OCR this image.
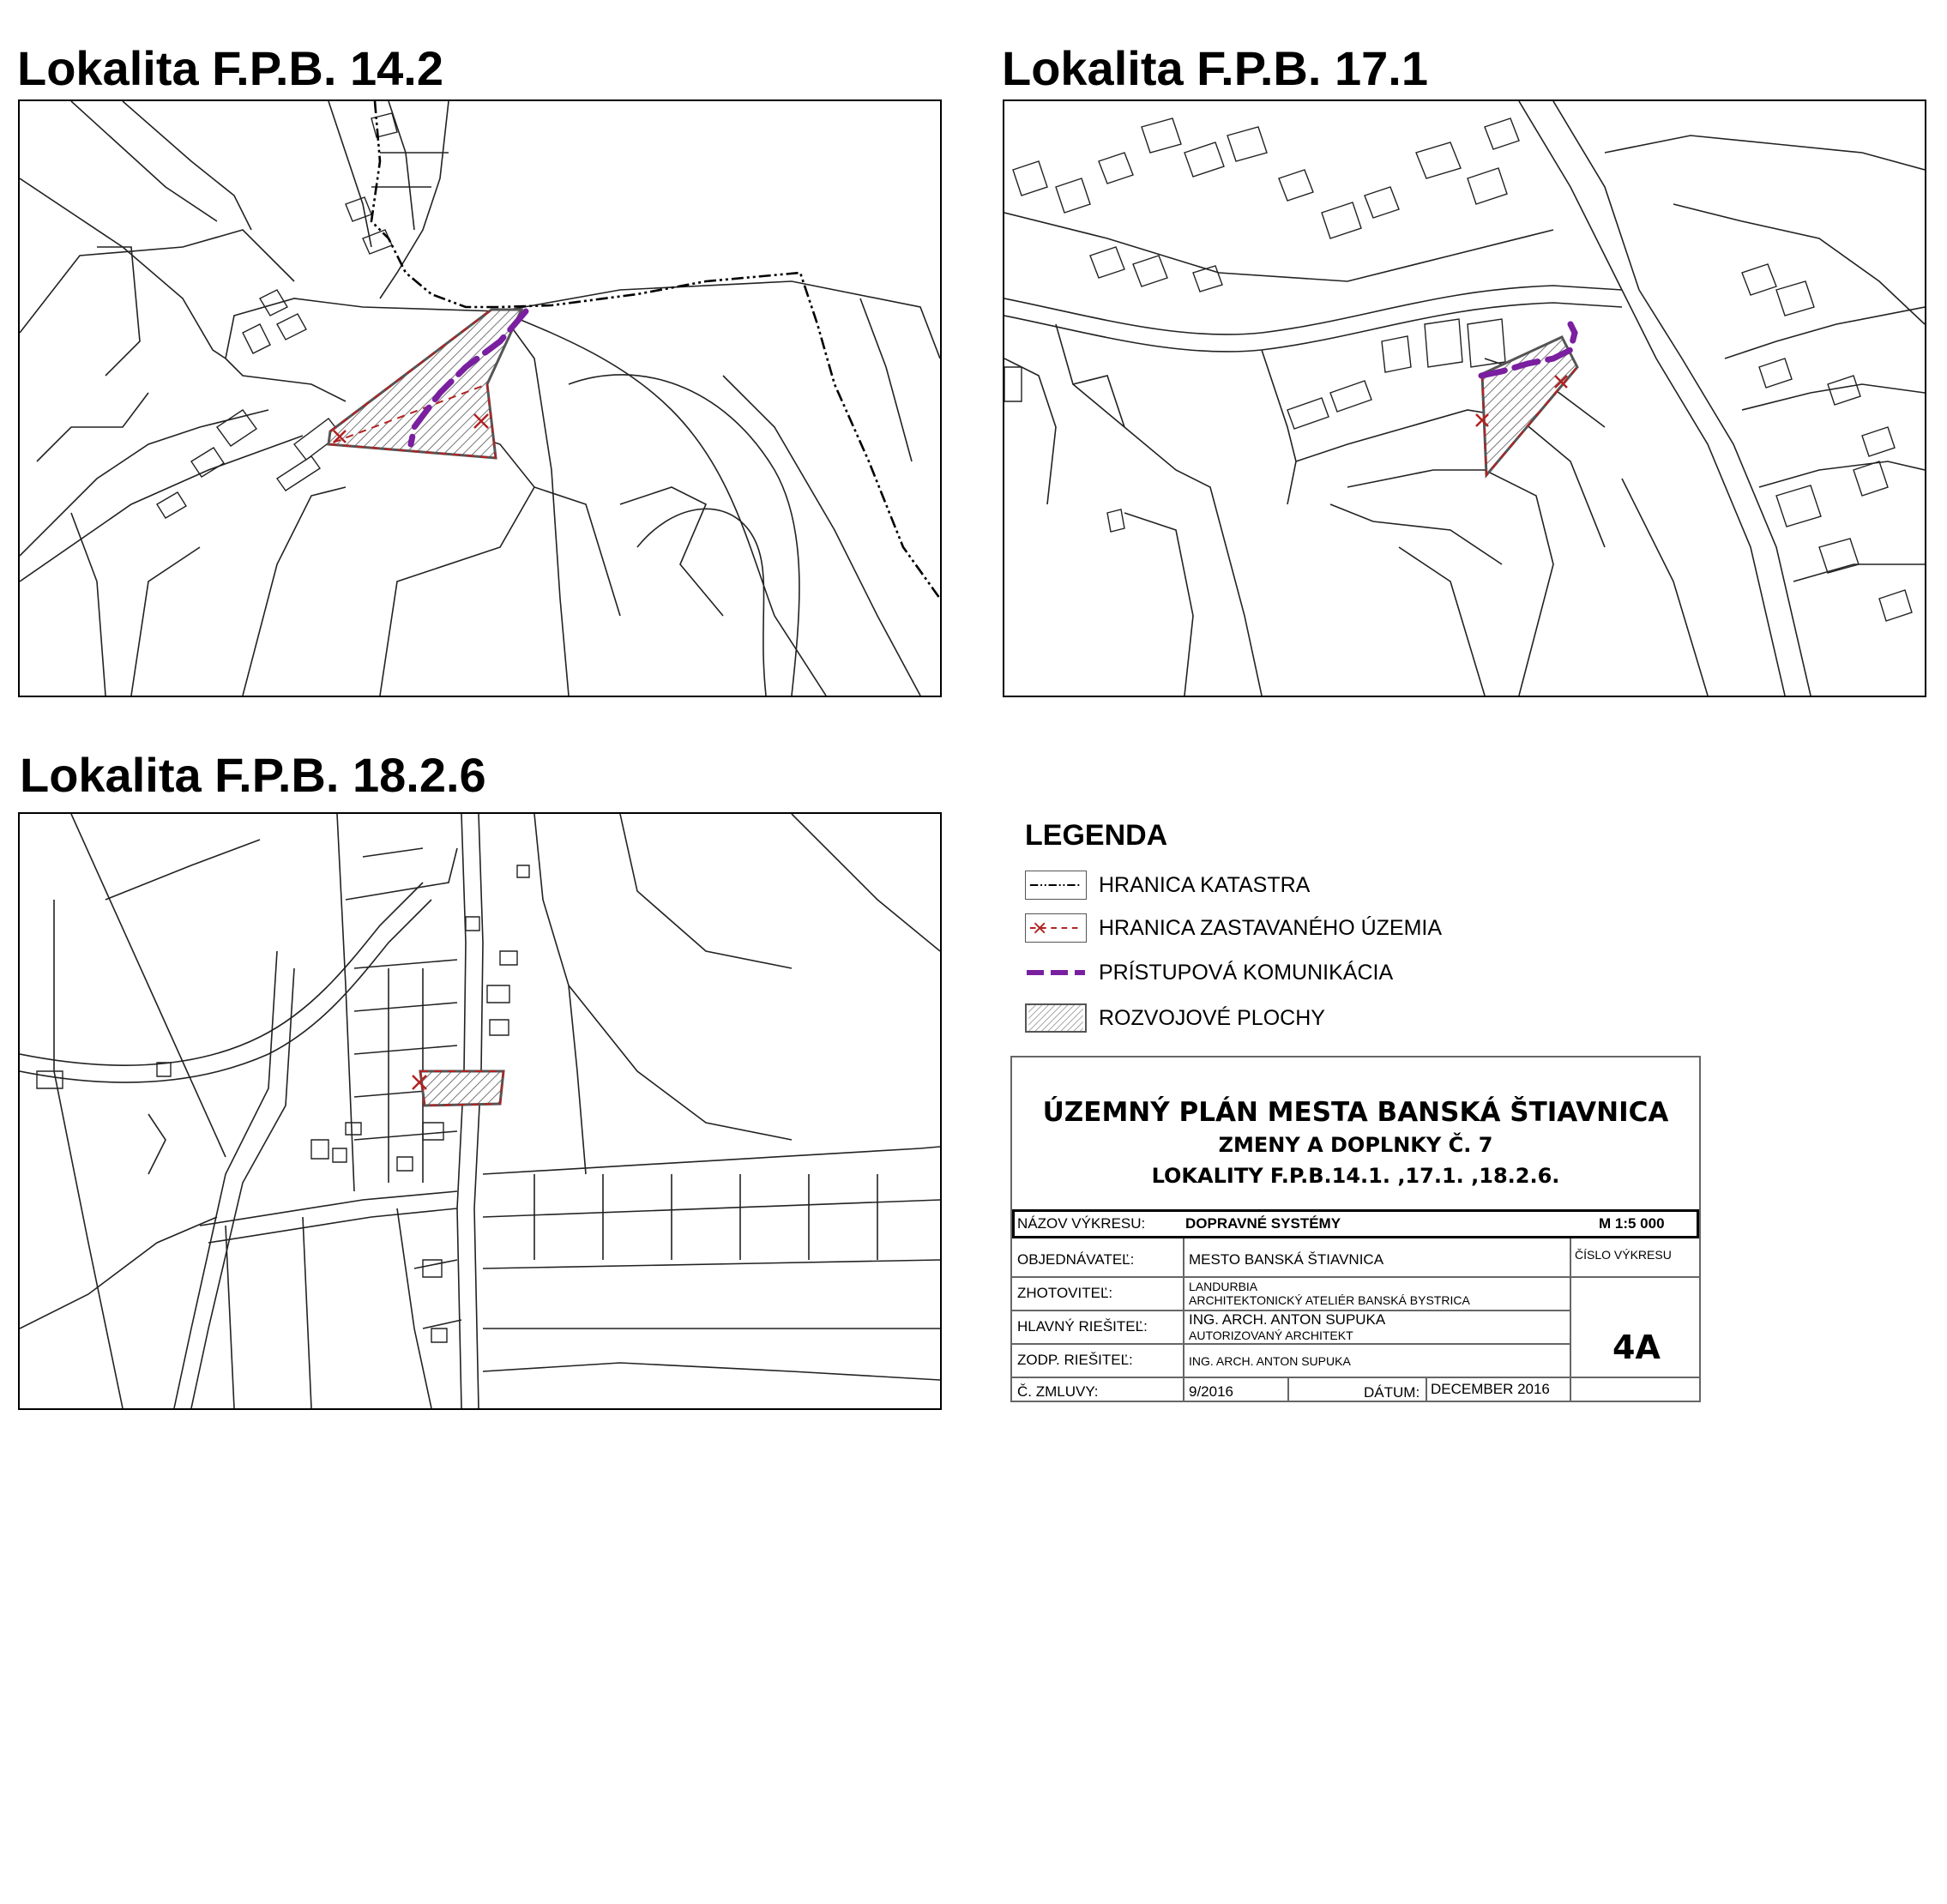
Lokalita F.P.B. 14.2	Lokalita F.P.B. 17.1
Lokalita F.P.B. 18.2.6
LEGENDA
HRANICA KATASTRA
HRANICA ZASTAVANÉHO ÚZEMIA
PRÍSTUPOVÁ KOMUNIKÁCIA
ROZVOJOVÉ PLOCHY
ÚZEMNÝ PLÁN MESTA BANSKÁ ŠTIAVNICA
ZMENY A DOPLNKY Č. 7
LOKALITY F.P.B.14.1. ,17.1. ,18.2.6.
NÁZOV VÝKRESU:	DOPRAVNÉ SYSTÉMY	M 1:5 000
OBJEDNÁVATEĽ:	MESTO BANSKÁ ŠTIAVNICA
ZHOTOVITEĽ:	LANDURBIA
ARCHITEKTONICKÝ ATELIÉR BANSKÁ BYSTRICA
HLAVNÝ RIEŠITEĽ:	ING. ARCH. ANTON SUPUKA
AUTORIZOVANÝ ARCHITEKT
ZODP. RIEŠITEĽ:	ING. ARCH. ANTON SUPUKA
Č. ZMLUVY:	9/2016	DÁTUM: DECEMBER 2016
ČÍSLO VÝKRESU
4A
